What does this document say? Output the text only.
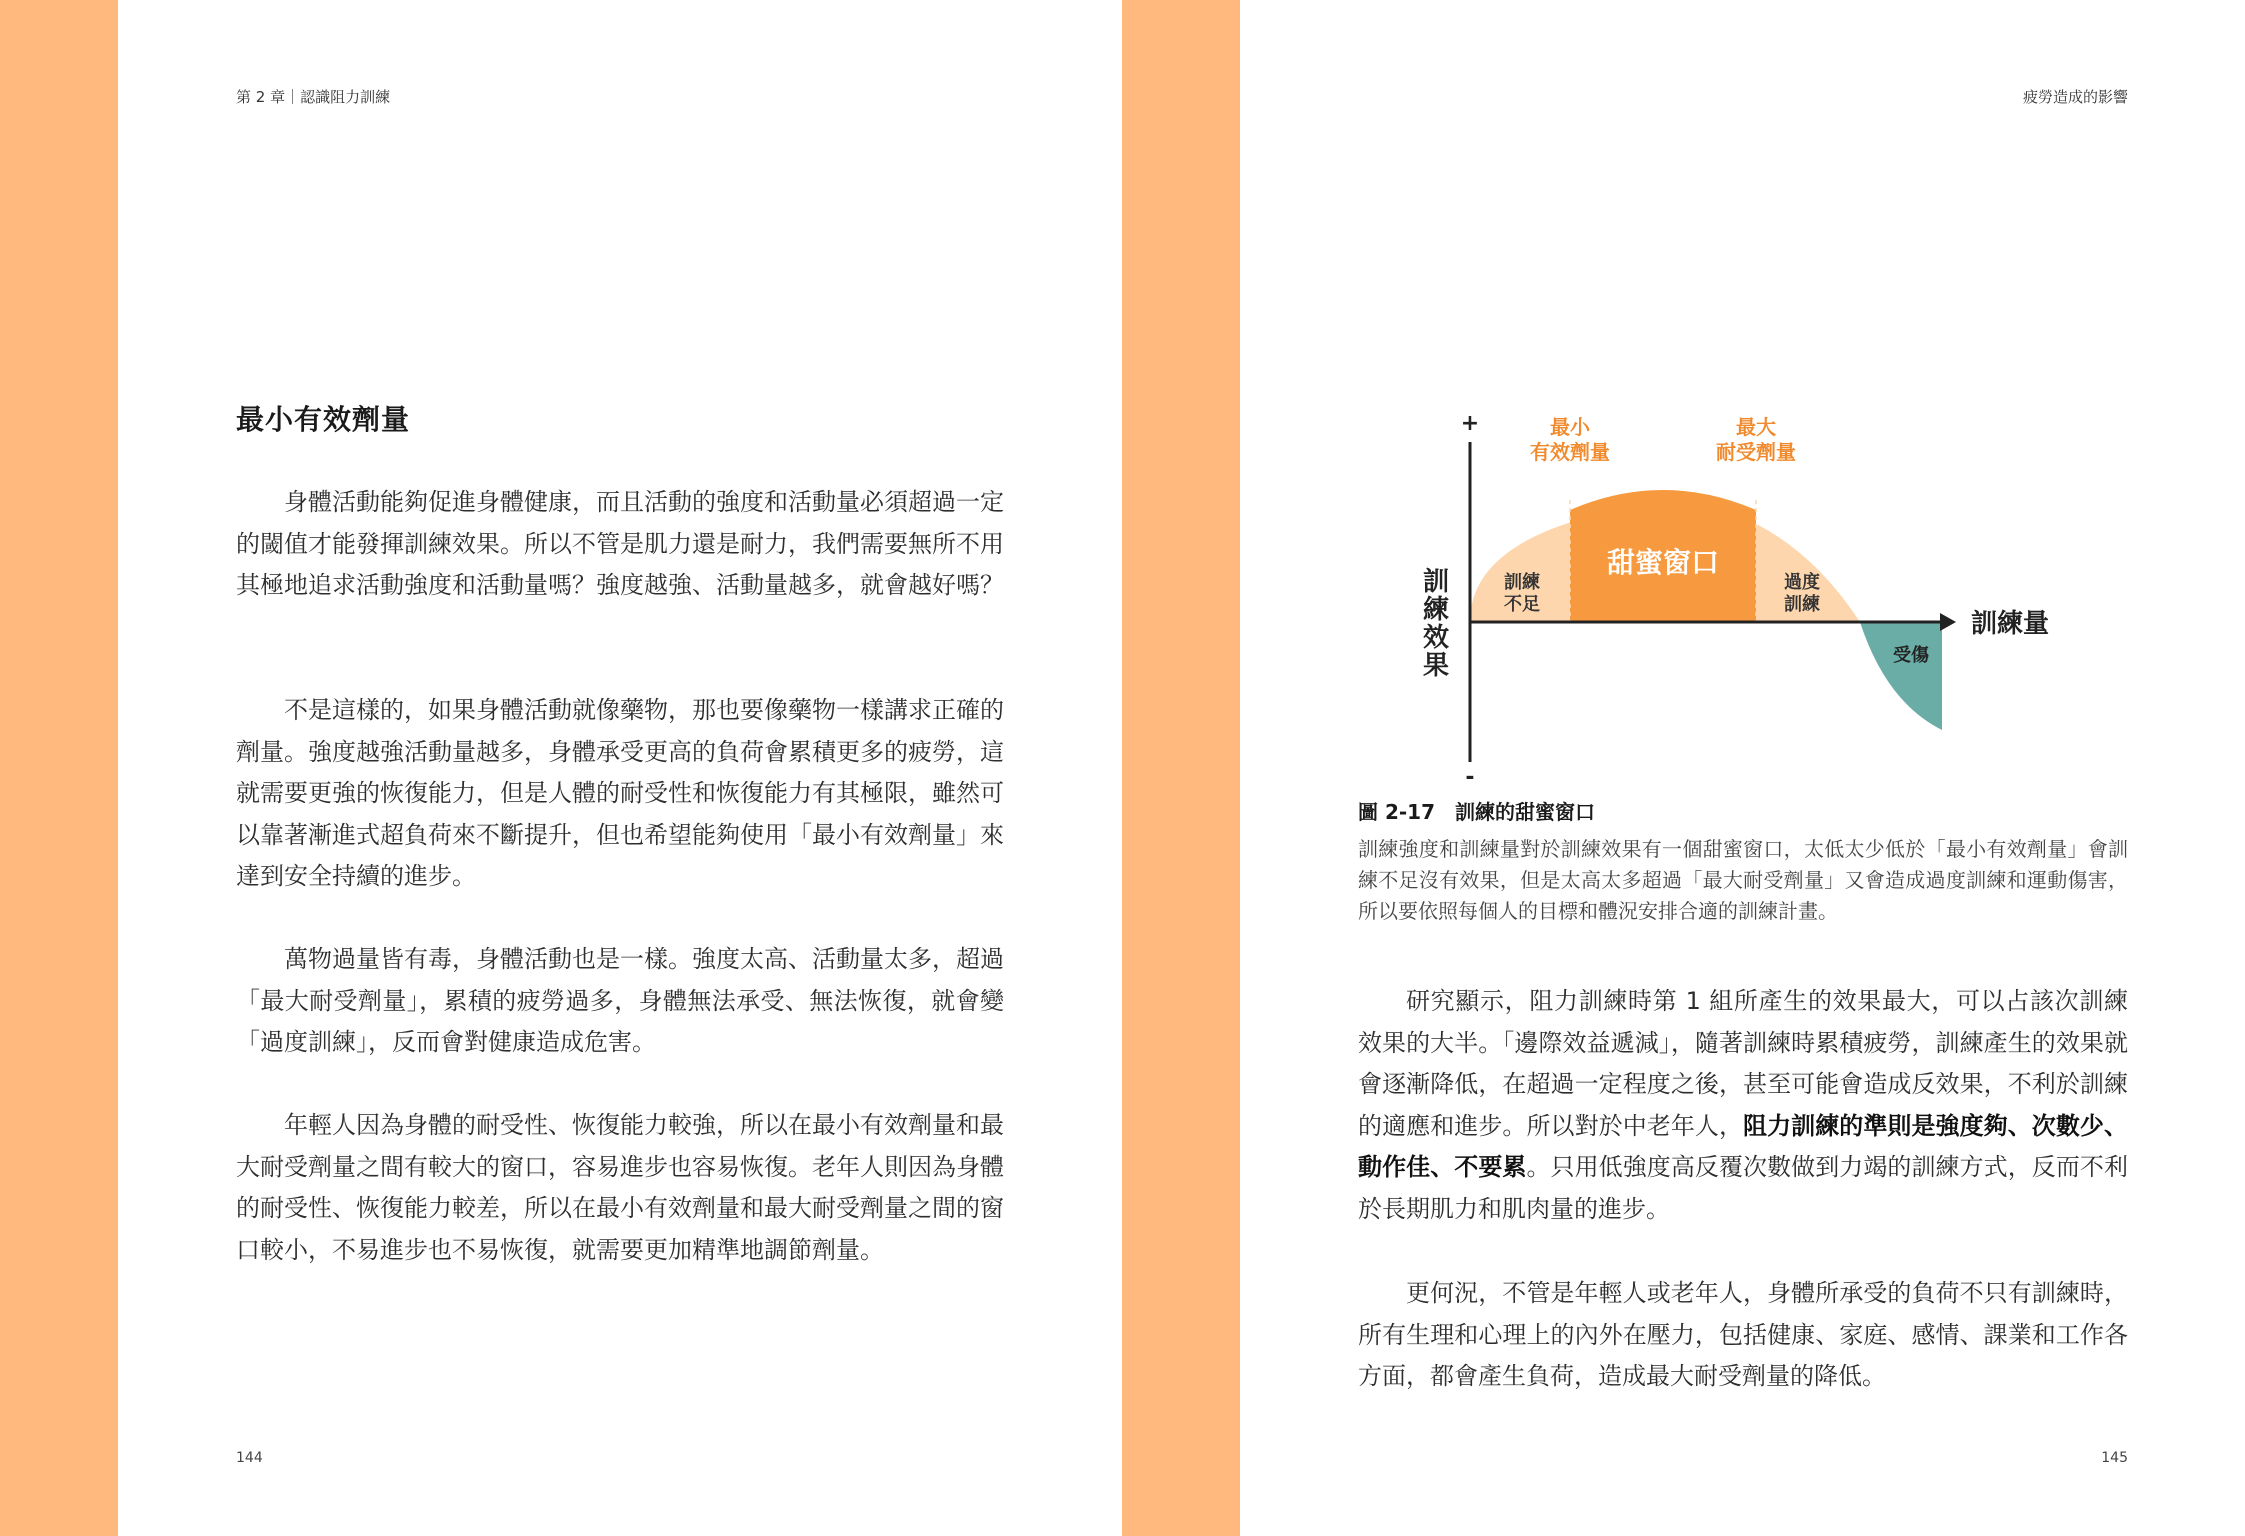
第 2 章｜認識阻力訓練
最小有效劑量

身體活動能夠促進身體健康，而且活動的強度和活動量必須超過一定的閾值才能發揮訓練效果。所以不管是肌力還是耐力，我們需要無所不用其極地追求活動強度和活動量嗎？強度越強、活動量越多，就會越好嗎？

不是這樣的，如果身體活動就像藥物，那也要像藥物一樣講求正確的劑量。強度越強活動量越多，身體承受更高的負荷會累積更多的疲勞，這就需要更強的恢復能力，但是人體的耐受性和恢復能力有其極限，雖然可以靠著漸進式超負荷來不斷提升，但也希望能夠使用「最小有效劑量」來達到安全持續的進步。

萬物過量皆有毒，身體活動也是一樣。強度太高、活動量太多，超過「最大耐受劑量」，累積的疲勞過多，身體無法承受、無法恢復，就會變「過度訓練」，反而會對健康造成危害。

年輕人因為身體的耐受性、恢復能力較強，所以在最小有效劑量和最大耐受劑量之間有較大的窗口，容易進步也容易恢復。老年人則因為身體的耐受性、恢復能力較差，所以在最小有效劑量和最大耐受劑量之間的窗口較小，不易進步也不易恢復，就需要更加精準地調節劑量。

144
疲勞造成的影響
+
-
訓
練
效
果
訓練量
最小
有效劑量
最大
耐受劑量
訓練
不足
甜蜜窗口
過度
訓練
受傷
圖 2-17 訓練的甜蜜窗口

訓練強度和訓練量對於訓練效果有一個甜蜜窗口，太低太少低於「最小有效劑量」會訓練不足沒有效果，但是太高太多超過「最大耐受劑量」又會造成過度訓練和運動傷害，所以要依照每個人的目標和體況安排合適的訓練計畫。

研究顯示，阻力訓練時第 1 組所產生的效果最大，可以占該次訓練效果的大半。「邊際效益遞減」，隨著訓練時累積疲勞，訓練產生的效果就會逐漸降低，在超過一定程度之後，甚至可能會造成反效果，不利於訓練的適應和進步。所以對於中老年人，阻力訓練的準則是強度夠、次數少、動作佳、不要累。只用低強度高反覆次數做到力竭的訓練方式，反而不利於長期肌力和肌肉量的進步。

更何況，不管是年輕人或老年人，身體所承受的負荷不只有訓練時，所有生理和心理上的內外在壓力，包括健康、家庭、感情、課業和工作各方面，都會產生負荷，造成最大耐受劑量的降低。

145
